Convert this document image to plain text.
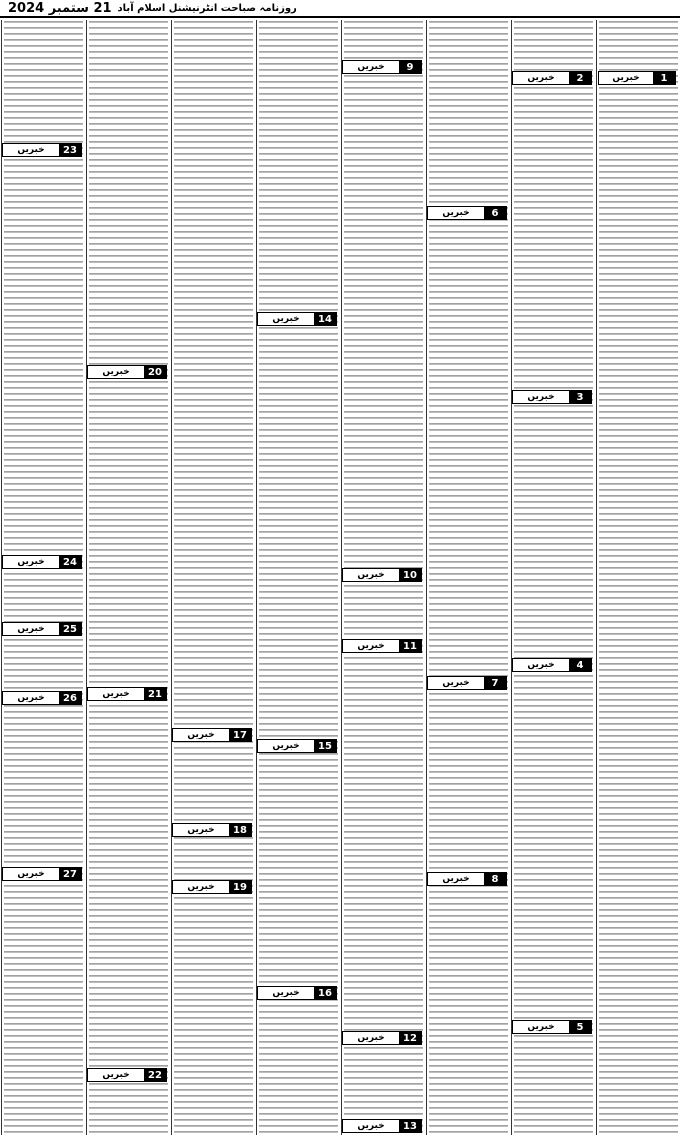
روزنامہ صباحت انٹرنیشنل اسلام آباد
21 ستمبر 2024
1
خبریں
2
خبریں
3
خبریں
4
خبریں
5
خبریں
6
خبریں
7
خبریں
8
خبریں
9
خبریں
10
خبریں
11
خبریں
12
خبریں
13
خبریں
14
خبریں
15
خبریں
16
خبریں
17
خبریں
18
خبریں
19
خبریں
20
خبریں
21
خبریں
22
خبریں
23
خبریں
24
خبریں
25
خبریں
26
خبریں
27
خبریں
